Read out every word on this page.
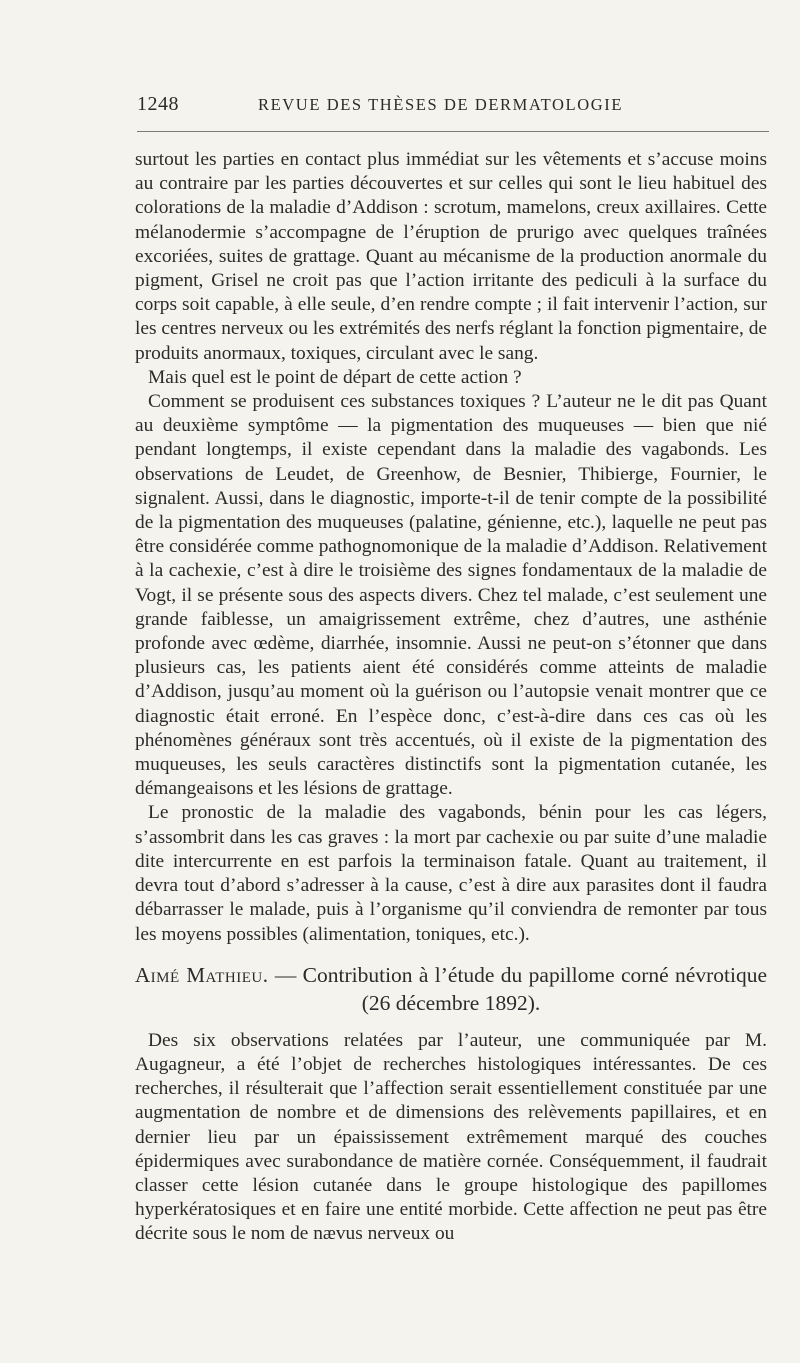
1248	REVUE DES THÈSES DE DERMATOLOGIE

surtout les parties en contact plus immédiat sur les vêtements et s’accuse moins au contraire par les parties découvertes et sur celles qui sont le lieu habituel des colorations de la maladie d’Addison : scrotum, mamelons, creux axillaires. Cette mélanodermie s’accompagne de l’éruption de prurigo avec quelques traînées excoriées, suites de grattage. Quant au mécanisme de la production anormale du pigment, Grisel ne croit pas que l’action irritante des pediculi à la surface du corps soit capable, à elle seule, d’en rendre compte ; il fait intervenir l’action, sur les centres nerveux ou les extrémités des nerfs réglant la fonction pigmentaire, de produits anormaux, toxiques, circulant avec le sang.

Mais quel est le point de départ de cette action ?

Comment se produisent ces substances toxiques ? L’auteur ne le dit pas Quant au deuxième symptôme — la pigmentation des muqueuses — bien que nié pendant longtemps, il existe cependant dans la maladie des vagabonds. Les observations de Leudet, de Greenhow, de Besnier, Thibierge, Fournier, le signalent. Aussi, dans le diagnostic, importe-t-il de tenir compte de la possibilité de la pigmentation des muqueuses (palatine, génienne, etc.), laquelle ne peut pas être considérée comme pathognomonique de la maladie d’Addison. Relativement à la cachexie, c’est à dire le troisième des signes fondamentaux de la maladie de Vogt, il se présente sous des aspects divers. Chez tel malade, c’est seulement une grande faiblesse, un amaigrissement extrême, chez d’autres, une asthénie profonde avec œdème, diarrhée, insomnie. Aussi ne peut-on s’étonner que dans plusieurs cas, les patients aient été considérés comme atteints de maladie d’Addison, jusqu’au moment où la guérison ou l’autopsie venait montrer que ce diagnostic était erroné. En l’espèce donc, c’est-à-dire dans ces cas où les phénomènes généraux sont très accentués, où il existe de la pigmentation des muqueuses, les seuls caractères distinctifs sont la pigmentation cutanée, les démangeaisons et les lésions de grattage.

Le pronostic de la maladie des vagabonds, bénin pour les cas légers, s’assombrit dans les cas graves : la mort par cachexie ou par suite d’une maladie dite intercurrente en est parfois la terminaison fatale. Quant au traitement, il devra tout d’abord s’adresser à la cause, c’est à dire aux parasites dont il faudra débarrasser le malade, puis à l’organisme qu’il conviendra de remonter par tous les moyens possibles (alimentation, toniques, etc.).

Aimé Mathieu. — Contribution à l’étude du papillome corné névrotique (26 décembre 1892).

Des six observations relatées par l’auteur, une communiquée par M. Augagneur, a été l’objet de recherches histologiques intéressantes. De ces recherches, il résulterait que l’affection serait essentiellement constituée par une augmentation de nombre et de dimensions des relèvements papillaires, et en dernier lieu par un épaississement extrêmement marqué des couches épidermiques avec surabondance de matière cornée. Conséquemment, il faudrait classer cette lésion cutanée dans le groupe histologique des papillomes hyperkératosiques et en faire une entité morbide. Cette affection ne peut pas être décrite sous le nom de nævus nerveux ou
